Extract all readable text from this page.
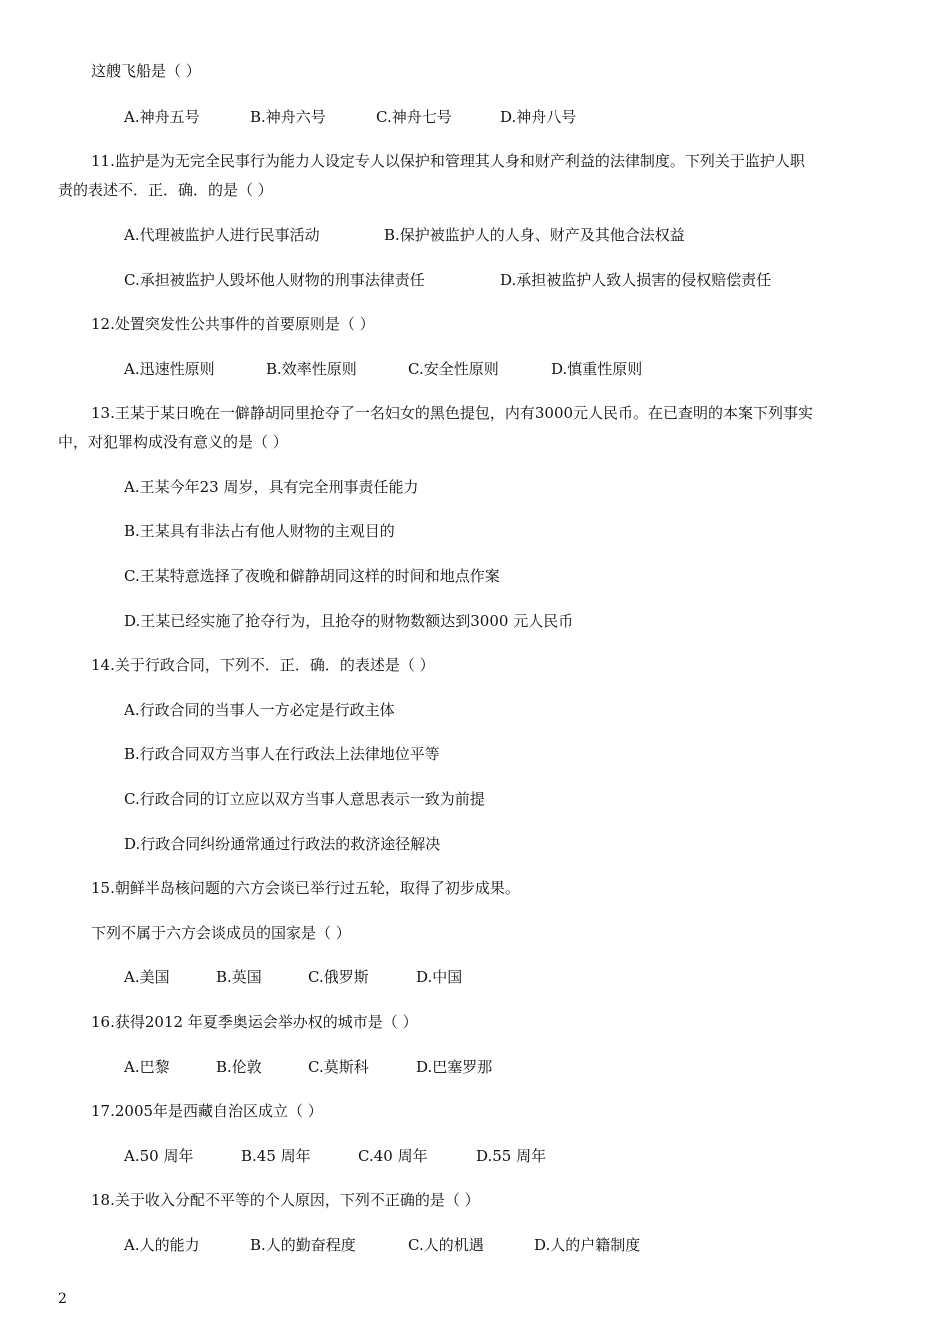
这艘飞船是（ ）
A.神舟五号	B.神舟六号	C.神舟七号	D.神舟八号
11.监护是为无完全民事行为能力人设定专人以保护和管理其人身和财产利益的法律制度。下列关于监护人职
责的表述不．正．确．的是（ ）
A.代理被监护人进行民事活动	B.保护被监护人的人身、财产及其他合法权益
C.承担被监护人毁坏他人财物的刑事法律责任	D.承担被监护人致人损害的侵权赔偿责任
12.处置突发性公共事件的首要原则是（ ）
A.迅速性原则	B.效率性原则	C.安全性原则	D.慎重性原则
13.王某于某日晚在一僻静胡同里抢夺了一名妇女的黑色提包，内有3000元人民币。在已查明的本案下列事实
中，对犯罪构成没有意义的是（ ）
A.王某今年23 周岁，具有完全刑事责任能力
B.王某具有非法占有他人财物的主观目的
C.王某特意选择了夜晚和僻静胡同这样的时间和地点作案
D.王某已经实施了抢夺行为，且抢夺的财物数额达到3000 元人民币
14.关于行政合同，下列不．正．确．的表述是（ ）
A.行政合同的当事人一方必定是行政主体
B.行政合同双方当事人在行政法上法律地位平等
C.行政合同的订立应以双方当事人意思表示一致为前提
D.行政合同纠纷通常通过行政法的救济途径解决
15.朝鲜半岛核问题的六方会谈已举行过五轮，取得了初步成果。
下列不属于六方会谈成员的国家是（ ）
A.美国	B.英国	C.俄罗斯	D.中国
16.获得2012 年夏季奥运会举办权的城市是（ ）
A.巴黎	B.伦敦	C.莫斯科	D.巴塞罗那
17.2005年是西藏自治区成立（ ）
A.50 周年	B.45 周年	C.40 周年	D.55 周年
18.关于收入分配不平等的个人原因，下列不正确的是（ ）
A.人的能力	B.人的勤奋程度	C.人的机遇	D.人的户籍制度
2
